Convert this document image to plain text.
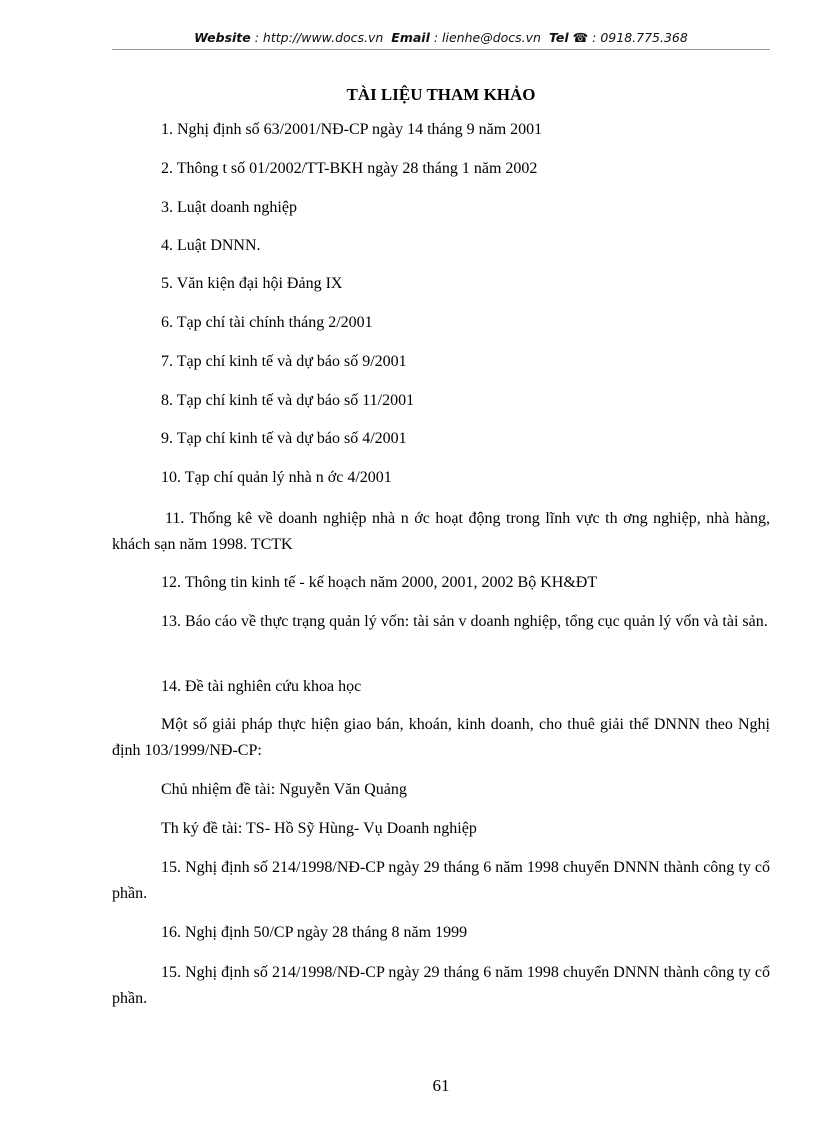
Website : http://www.docs.vn Email : lienhe@docs.vn Tel ☎ : 0918.775.368
TÀI LIỆU THAM KHẢO
1. Nghị định số 63/2001/NĐ-CP ngày 14 tháng 9 năm 2001
2. Thông t số 01/2002/TT-BKH ngày 28 tháng 1 năm 2002
3. Luật doanh nghiệp
4. Luật DNNN.
5. Văn kiện đại hội Đảng IX
6. Tạp chí tài chính tháng 2/2001
7. Tạp chí kinh tế và dự báo số 9/2001
8. Tạp chí kinh tế và dự báo số 11/2001
9. Tạp chí kinh tế và dự báo số 4/2001
10. Tạp chí quản lý nhà n ớc 4/2001
11. Thống kê về doanh nghiệp nhà n ớc hoạt động trong lĩnh vực th ơng nghiệp, nhà hàng, khách sạn năm 1998. TCTK
12. Thông tin kinh tế - kế hoạch năm 2000, 2001, 2002 Bộ KH&ĐT
13. Báo cáo về thực trạng quản lý vốn: tài sản v doanh nghiệp, tổng cục quản lý vốn và tài sản.
14. Đề tài nghiên cứu khoa học
Một số giải pháp thực hiện giao bán, khoán, kinh doanh, cho thuê giải thể DNNN theo Nghị định 103/1999/NĐ-CP:
Chủ nhiệm đề tài: Nguyễn Văn Quảng
Th ký đề tài: TS- Hồ Sỹ Hùng- Vụ Doanh nghiệp
15. Nghị định số 214/1998/NĐ-CP ngày 29 tháng 6 năm 1998 chuyển DNNN thành công ty cổ phần.
16. Nghị định 50/CP ngày 28 tháng 8 năm 1999
15. Nghị định số 214/1998/NĐ-CP ngày 29 tháng 6 năm 1998 chuyển DNNN thành công ty cổ phần.
61
